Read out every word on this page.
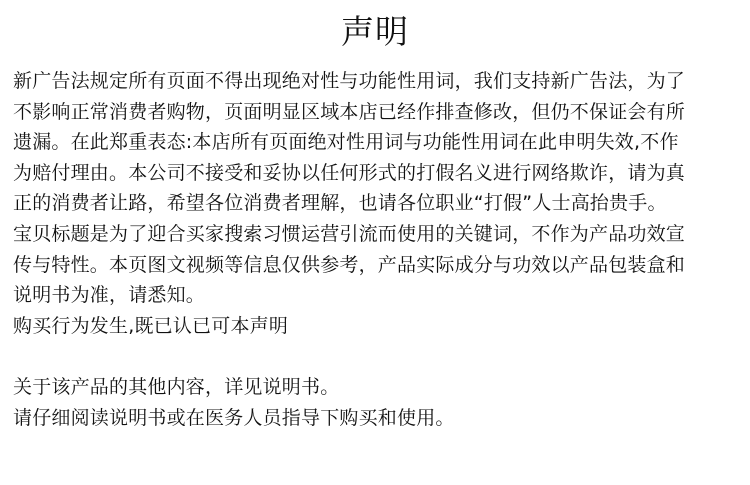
声明
新广告法规定所有页面不得出现绝对性与功能性用词，我们支持新广告法，为了
不影响正常消费者购物，页面明显区域本店已经作排查修改，但仍不保证会有所
遗漏。在此郑重表态:本店所有页面绝对性用词与功能性用词在此申明失效,不作
为赔付理由。本公司不接受和妥协以任何形式的打假名义进行网络欺诈，请为真
正的消费者让路，希望各位消费者理解，也请各位职业“打假”人士高抬贵手。
宝贝标题是为了迎合买家搜索习惯运营引流而使用的关键词，不作为产品功效宣
传与特性。本页图文视频等信息仅供参考，产品实际成分与功效以产品包装盒和
说明书为准，请悉知。
购买行为发生,既已认已可本声明
关于该产品的其他内容，详见说明书。
请仔细阅读说明书或在医务人员指导下购买和使用。
